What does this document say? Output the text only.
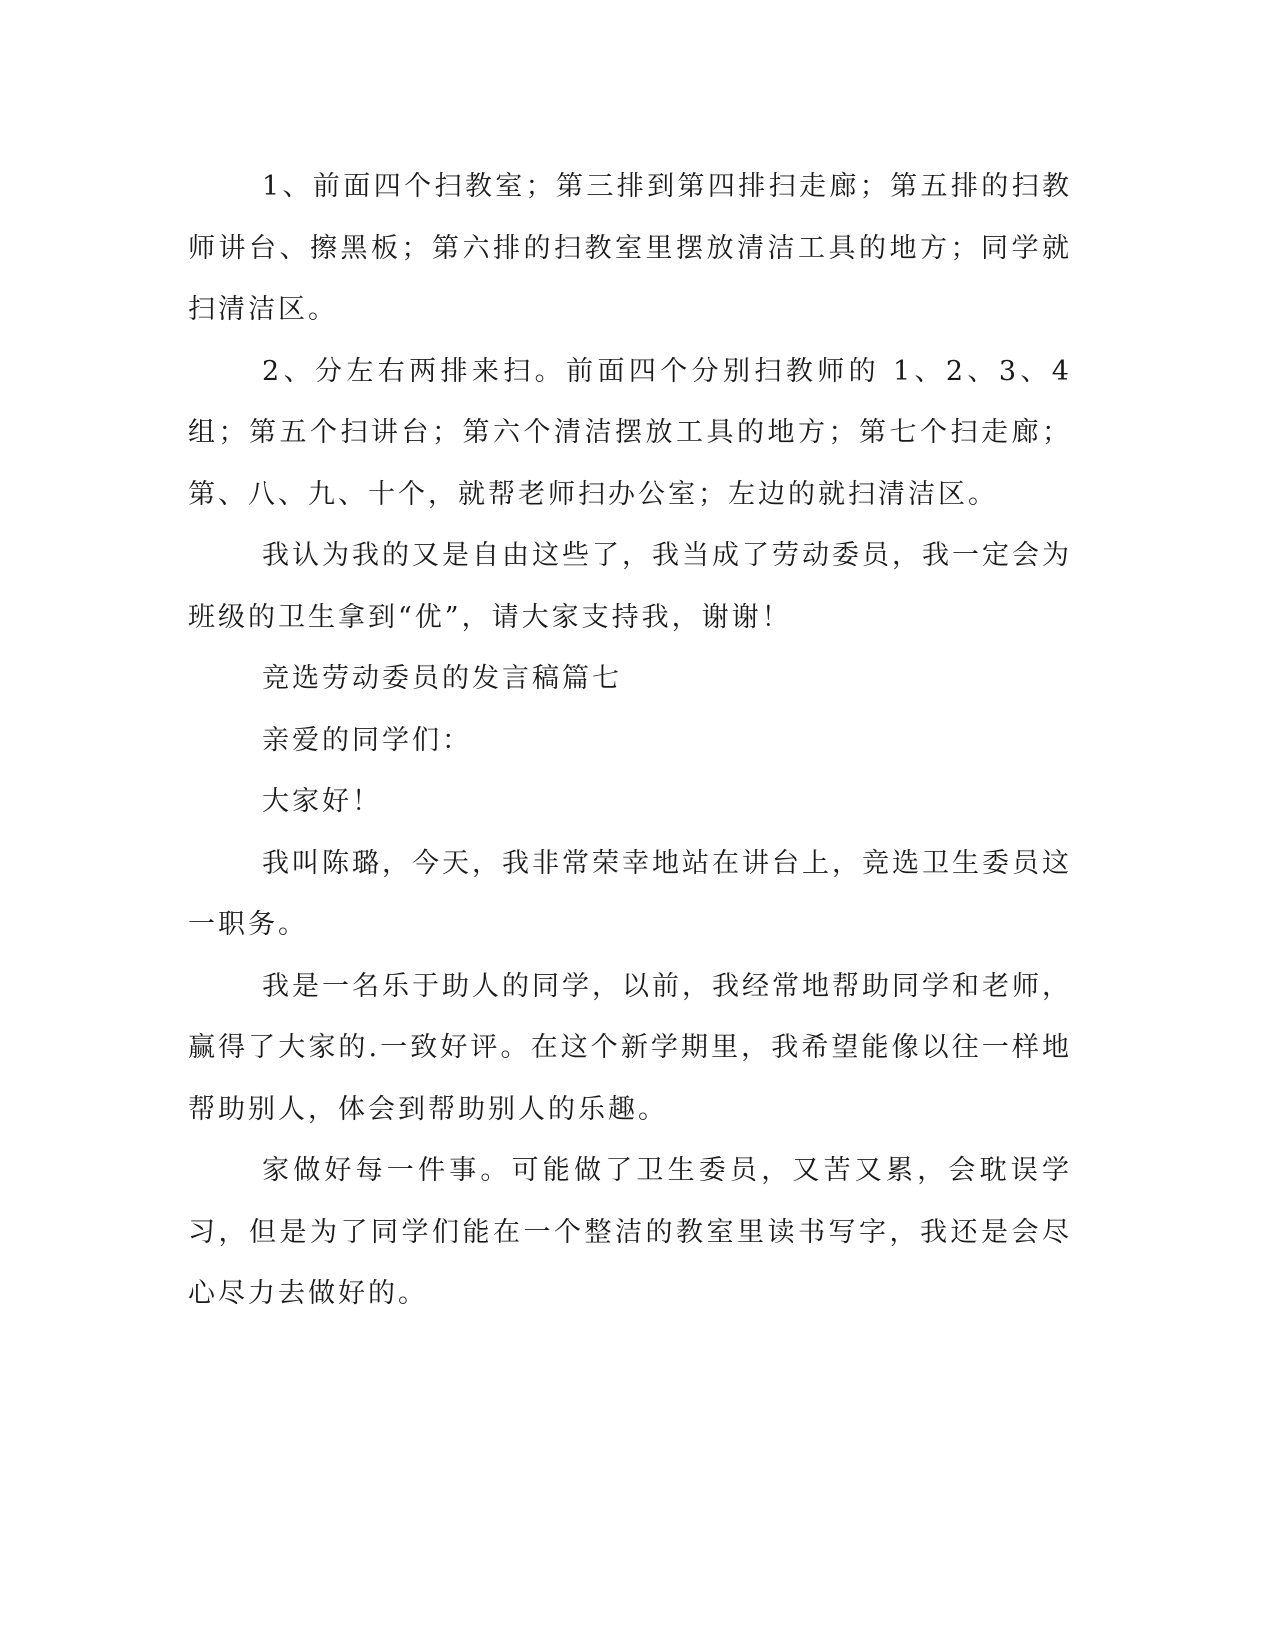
1、前面四个扫教室；第三排到第四排扫走廊；第五排的扫教师讲台、擦黑板；第六排的扫教室里摆放清洁工具的地方；同学就扫清洁区。

2、分左右两排来扫。前面四个分别扫教师的 1、2、3、4 组；第五个扫讲台；第六个清洁摆放工具的地方；第七个扫走廊；第、八、九、十个，就帮老师扫办公室；左边的就扫清洁区。

我认为我的又是自由这些了，我当成了劳动委员，我一定会为班级的卫生拿到“优”，请大家支持我，谢谢！

竞选劳动委员的发言稿篇七

亲爱的同学们：

大家好！

我叫陈璐，今天，我非常荣幸地站在讲台上，竞选卫生委员这一职务。

我是一名乐于助人的同学，以前，我经常地帮助同学和老师，赢得了大家的.一致好评。在这个新学期里，我希望能像以往一样地帮助别人，体会到帮助别人的乐趣。

家做好每一件事。可能做了卫生委员，又苦又累，会耽误学习，但是为了同学们能在一个整洁的教室里读书写字，我还是会尽心尽力去做好的。
